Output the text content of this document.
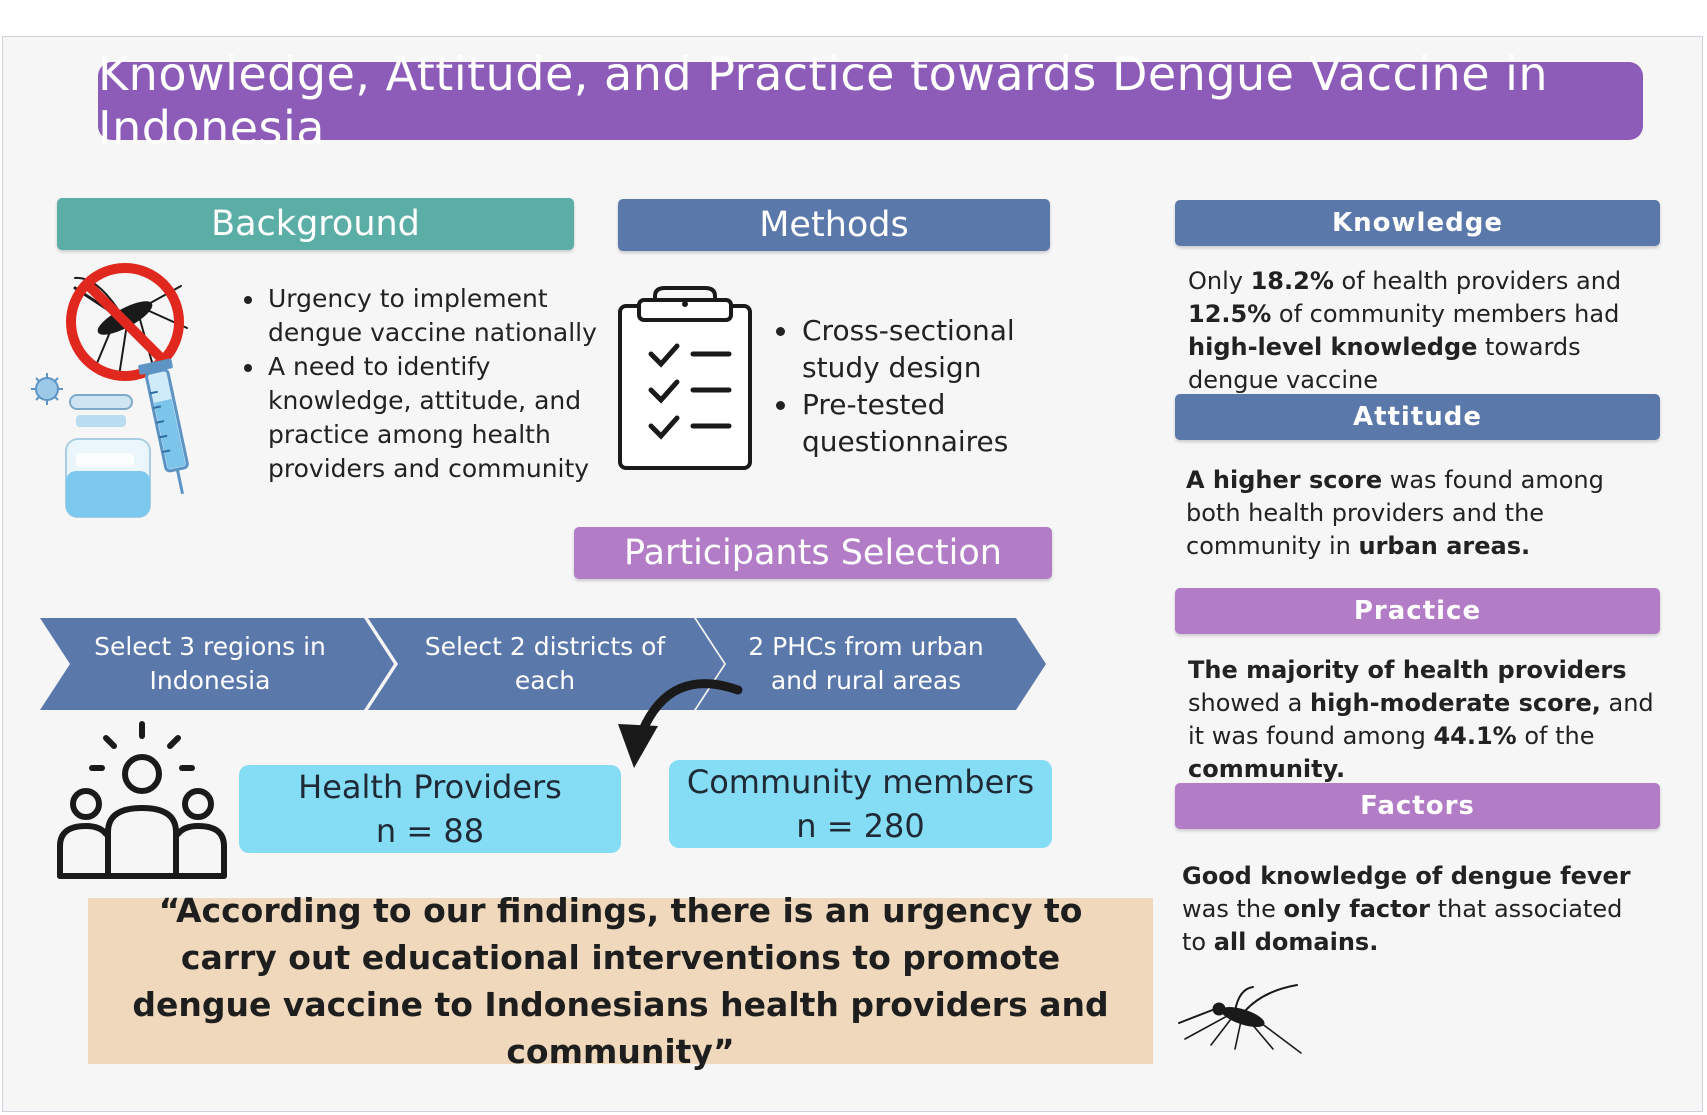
Knowledge, Attitude, and Practice towards Dengue Vaccine in Indonesia
Background
• Urgency to implement dengue vaccine nationally
• A need to identify knowledge, attitude, and practice among health providers and community
Methods
• Cross-sectional study design
• Pre-tested questionnaires
Participants Selection
Select 3 regions in Indonesia
Select 2 districts of each
2 PHCs from urban and rural areas
Health Providers
n = 88
Community members
n = 280
“According to our findings, there is an urgency to carry out educational interventions to promote dengue vaccine to Indonesians health providers and community”
Knowledge
Only 18.2% of health providers and 12.5% of community members had high-level knowledge towards dengue vaccine
Attitude
A higher score was found among both health providers and the community in urban areas.
Practice
The majority of health providers showed a high-moderate score, and it was found among 44.1% of the community.
Factors
Good knowledge of dengue fever was the only factor that associated to all domains.
